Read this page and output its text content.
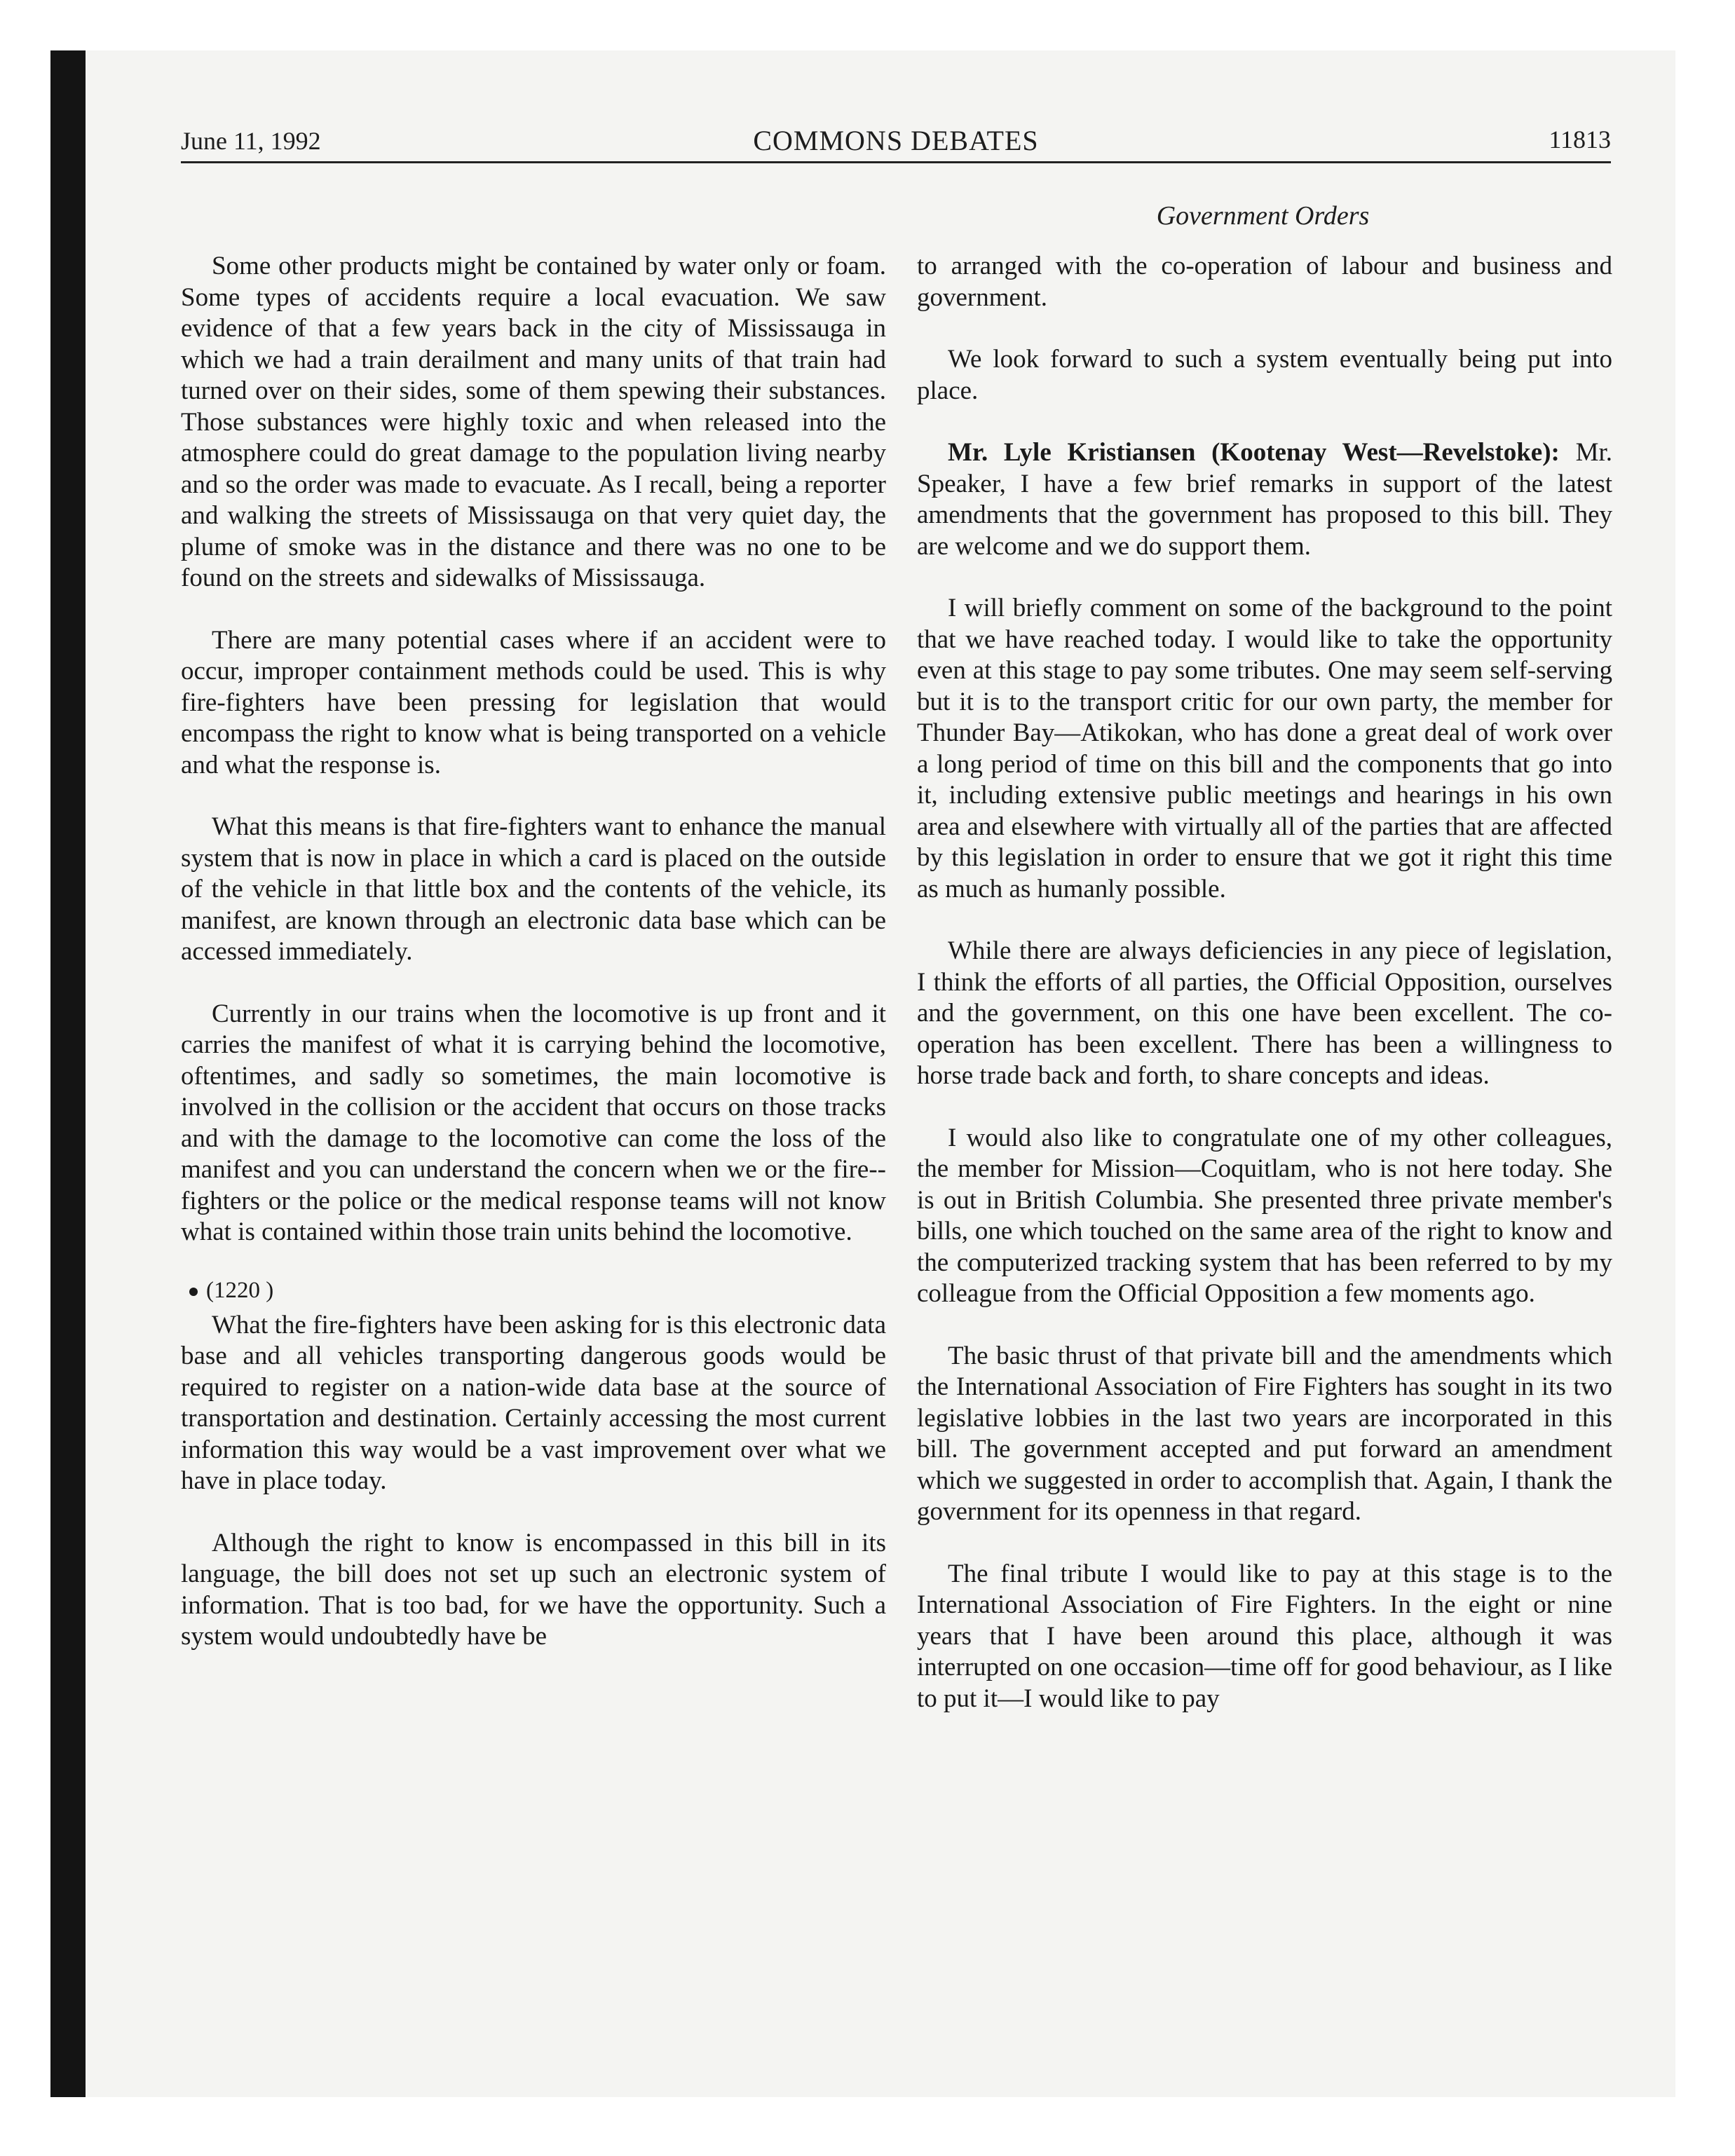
June 11, 1992	COMMONS DEBATES	11813
Government Orders

Some other products might be contained by water only or foam. Some types of accidents require a local evacuation. We saw evidence of that a few years back in the city of Mississauga in which we had a train derailment and many units of that train had turned over on their sides, some of them spewing their substances. Those substances were highly toxic and when released into the atmosphere could do great damage to the population living nearby and so the order was made to evacuate. As I recall, being a reporter and walking the streets of Mississauga on that very quiet day, the plume of smoke was in the distance and there was no one to be found on the streets and sidewalks of Mississauga.

There are many potential cases where if an accident were to occur, improper containment methods could be used. This is why fire-fighters have been pressing for legislation that would encompass the right to know what is being transported on a vehicle and what the response is.

What this means is that fire-fighters want to enhance the manual system that is now in place in which a card is placed on the outside of the vehicle in that little box and the contents of the vehicle, its manifest, are known through an electronic data base which can be accessed immediately.

Currently in our trains when the locomotive is up front and it carries the manifest of what it is carrying behind the locomotive, oftentimes, and sadly so sometimes, the main locomotive is involved in the collision or the accident that occurs on those tracks and with the damage to the locomotive can come the loss of the manifest and you can understand the concern when we or the fire-fighters or the police or the medical response teams will not know what is contained within those train units behind the locomotive.

(1220 )

What the fire-fighters have been asking for is this electronic data base and all vehicles transporting dangerous goods would be required to register on a nation-wide data base at the source of transportation and destination. Certainly accessing the most current information this way would be a vast improvement over what we have in place today.

Although the right to know is encompassed in this bill in its language, the bill does not set up such an electronic system of information. That is too bad, for we have the opportunity. Such a system would undoubtedly have be

to arranged with the co-operation of labour and business and government.

We look forward to such a system eventually being put into place.

Mr. Lyle Kristiansen (Kootenay West—Revelstoke): Mr. Speaker, I have a few brief remarks in support of the latest amendments that the government has proposed to this bill. They are welcome and we do support them.

I will briefly comment on some of the background to the point that we have reached today. I would like to take the opportunity even at this stage to pay some tributes. One may seem self-serving but it is to the transport critic for our own party, the member for Thunder Bay—Atikokan, who has done a great deal of work over a long period of time on this bill and the components that go into it, including extensive public meetings and hearings in his own area and elsewhere with virtually all of the parties that are affected by this legislation in order to ensure that we got it right this time as much as humanly possible.

While there are always deficiencies in any piece of legislation, I think the efforts of all parties, the Official Opposition, ourselves and the government, on this one have been excellent. The co-operation has been excellent. There has been a willingness to horse trade back and forth, to share concepts and ideas.

I would also like to congratulate one of my other colleagues, the member for Mission—Coquitlam, who is not here today. She is out in British Columbia. She presented three private member's bills, one which touched on the same area of the right to know and the computerized tracking system that has been referred to by my colleague from the Official Opposition a few moments ago.

The basic thrust of that private bill and the amendments which the International Association of Fire Fighters has sought in its two legislative lobbies in the last two years are incorporated in this bill. The government accepted and put forward an amendment which we suggested in order to accomplish that. Again, I thank the government for its openness in that regard.

The final tribute I would like to pay at this stage is to the International Association of Fire Fighters. In the eight or nine years that I have been around this place, although it was interrupted on one occasion—time off for good behaviour, as I like to put it—I would like to pay
